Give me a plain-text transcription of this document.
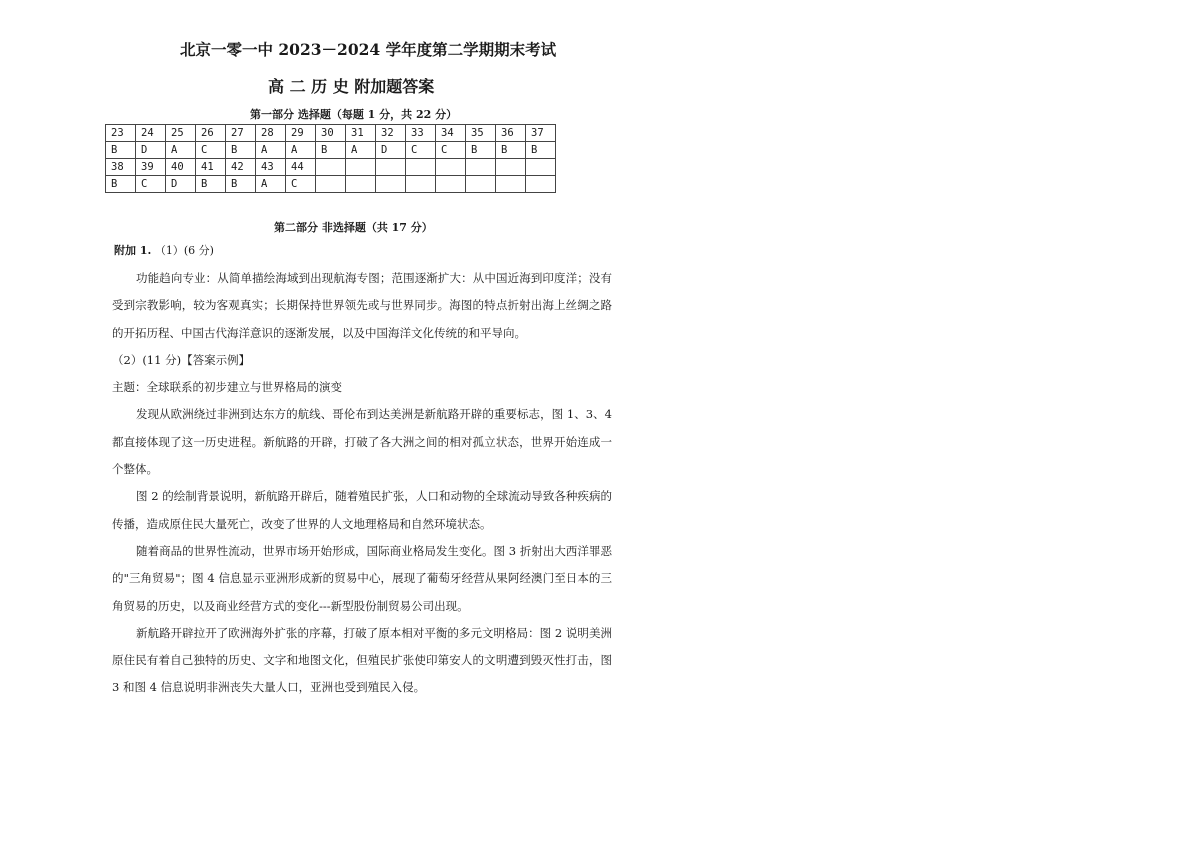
北京一零一中 2023－2024 学年度第二学期期末考试
高 二 历 史 附加题答案
第一部分 选择题（每题 1 分，共 22 分）
23	24	25	26	27	28	29	30	31	32	33	34	35	36	37
B	D	A	C	B	A	A	B	A	D	C	C	B	B	B
38	39	40	41	42	43	44								
B	C	D	B	B	A	C								
第二部分 非选择题（共 17 分）
附加 1. （1）(6 分)

功能趋向专业：从简单描绘海域到出现航海专图；范围逐渐扩大：从中国近海到印度洋；没有受到宗教影响，较为客观真实；长期保持世界领先或与世界同步。海图的特点折射出海上丝绸之路的开拓历程、中国古代海洋意识的逐渐发展，以及中国海洋文化传统的和平导向。

（2）(11 分)【答案示例】

主题：全球联系的初步建立与世界格局的演变

发现从欧洲绕过非洲到达东方的航线、哥伦布到达美洲是新航路开辟的重要标志，图 1、3、4 都直接体现了这一历史进程。新航路的开辟，打破了各大洲之间的相对孤立状态，世界开始连成一个整体。

图 2 的绘制背景说明，新航路开辟后，随着殖民扩张，人口和动物的全球流动导致各种疾病的传播，造成原住民大量死亡，改变了世界的人文地理格局和自然环境状态。

随着商品的世界性流动，世界市场开始形成，国际商业格局发生变化。图 3 折射出大西洋罪恶的"三角贸易"；图 4 信息显示亚洲形成新的贸易中心，展现了葡萄牙经营从果阿经澳门至日本的三角贸易的历史，以及商业经营方式的变化---新型股份制贸易公司出现。

新航路开辟拉开了欧洲海外扩张的序幕，打破了原本相对平衡的多元文明格局：图 2 说明美洲原住民有着自己独特的历史、文字和地图文化，但殖民扩张使印第安人的文明遭到毁灭性打击，图 3 和图 4 信息说明非洲丧失大量人口，亚洲也受到殖民入侵。
